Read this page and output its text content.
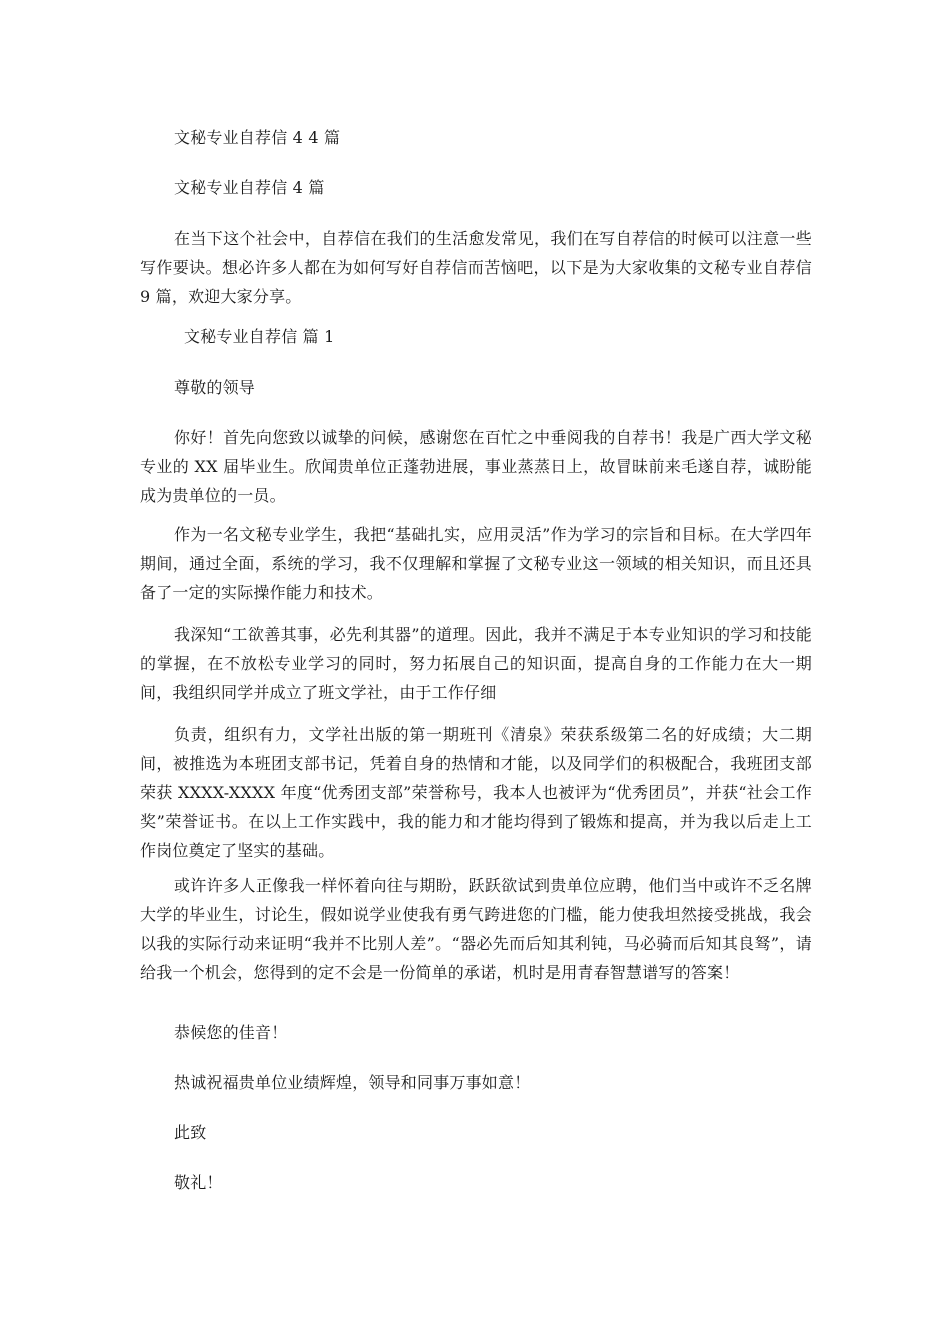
文秘专业自荐信 4 4 篇

文秘专业自荐信 4 篇

在当下这个社会中，自荐信在我们的生活愈发常见，我们在写自荐信的时候可以注意一些写作要诀。想必许多人都在为如何写好自荐信而苦恼吧，以下是为大家收集的文秘专业自荐信 9 篇，欢迎大家分享。

文秘专业自荐信 篇 1

尊敬的领导

你好！首先向您致以诚挚的问候，感谢您在百忙之中垂阅我的自荐书！我是广西大学文秘专业的 XX 届毕业生。欣闻贵单位正蓬勃进展，事业蒸蒸日上，故冒昧前来毛遂自荐，诚盼能成为贵单位的一员。

作为一名文秘专业学生，我把“基础扎实，应用灵活”作为学习的宗旨和目标。在大学四年期间，通过全面，系统的学习，我不仅理解和掌握了文秘专业这一领域的相关知识，而且还具备了一定的实际操作能力和技术。

我深知“工欲善其事，必先利其器”的道理。因此，我并不满足于本专业知识的学习和技能的掌握，在不放松专业学习的同时，努力拓展自己的知识面，提高自身的工作能力在大一期间，我组织同学并成立了班文学社，由于工作仔细

负责，组织有力，文学社出版的第一期班刊《清泉》荣获系级第二名的好成绩；大二期间，被推选为本班团支部书记，凭着自身的热情和才能，以及同学们的积极配合，我班团支部荣获 XXXX-XXXX 年度“优秀团支部”荣誉称号，我本人也被评为“优秀团员”，并获“社会工作奖”荣誉证书。在以上工作实践中，我的能力和才能均得到了锻炼和提高，并为我以后走上工作岗位奠定了坚实的基础。

或许许多人正像我一样怀着向往与期盼，跃跃欲试到贵单位应聘，他们当中或许不乏名牌大学的毕业生，讨论生，假如说学业使我有勇气跨进您的门槛，能力使我坦然接受挑战，我会以我的实际行动来证明“我并不比别人差”。“器必先而后知其利钝，马必骑而后知其良驽”，请给我一个机会，您得到的定不会是一份简单的承诺，机时是用青春智慧谱写的答案！

恭候您的佳音！

热诚祝福贵单位业绩辉煌，领导和同事万事如意！

此致

敬礼！
